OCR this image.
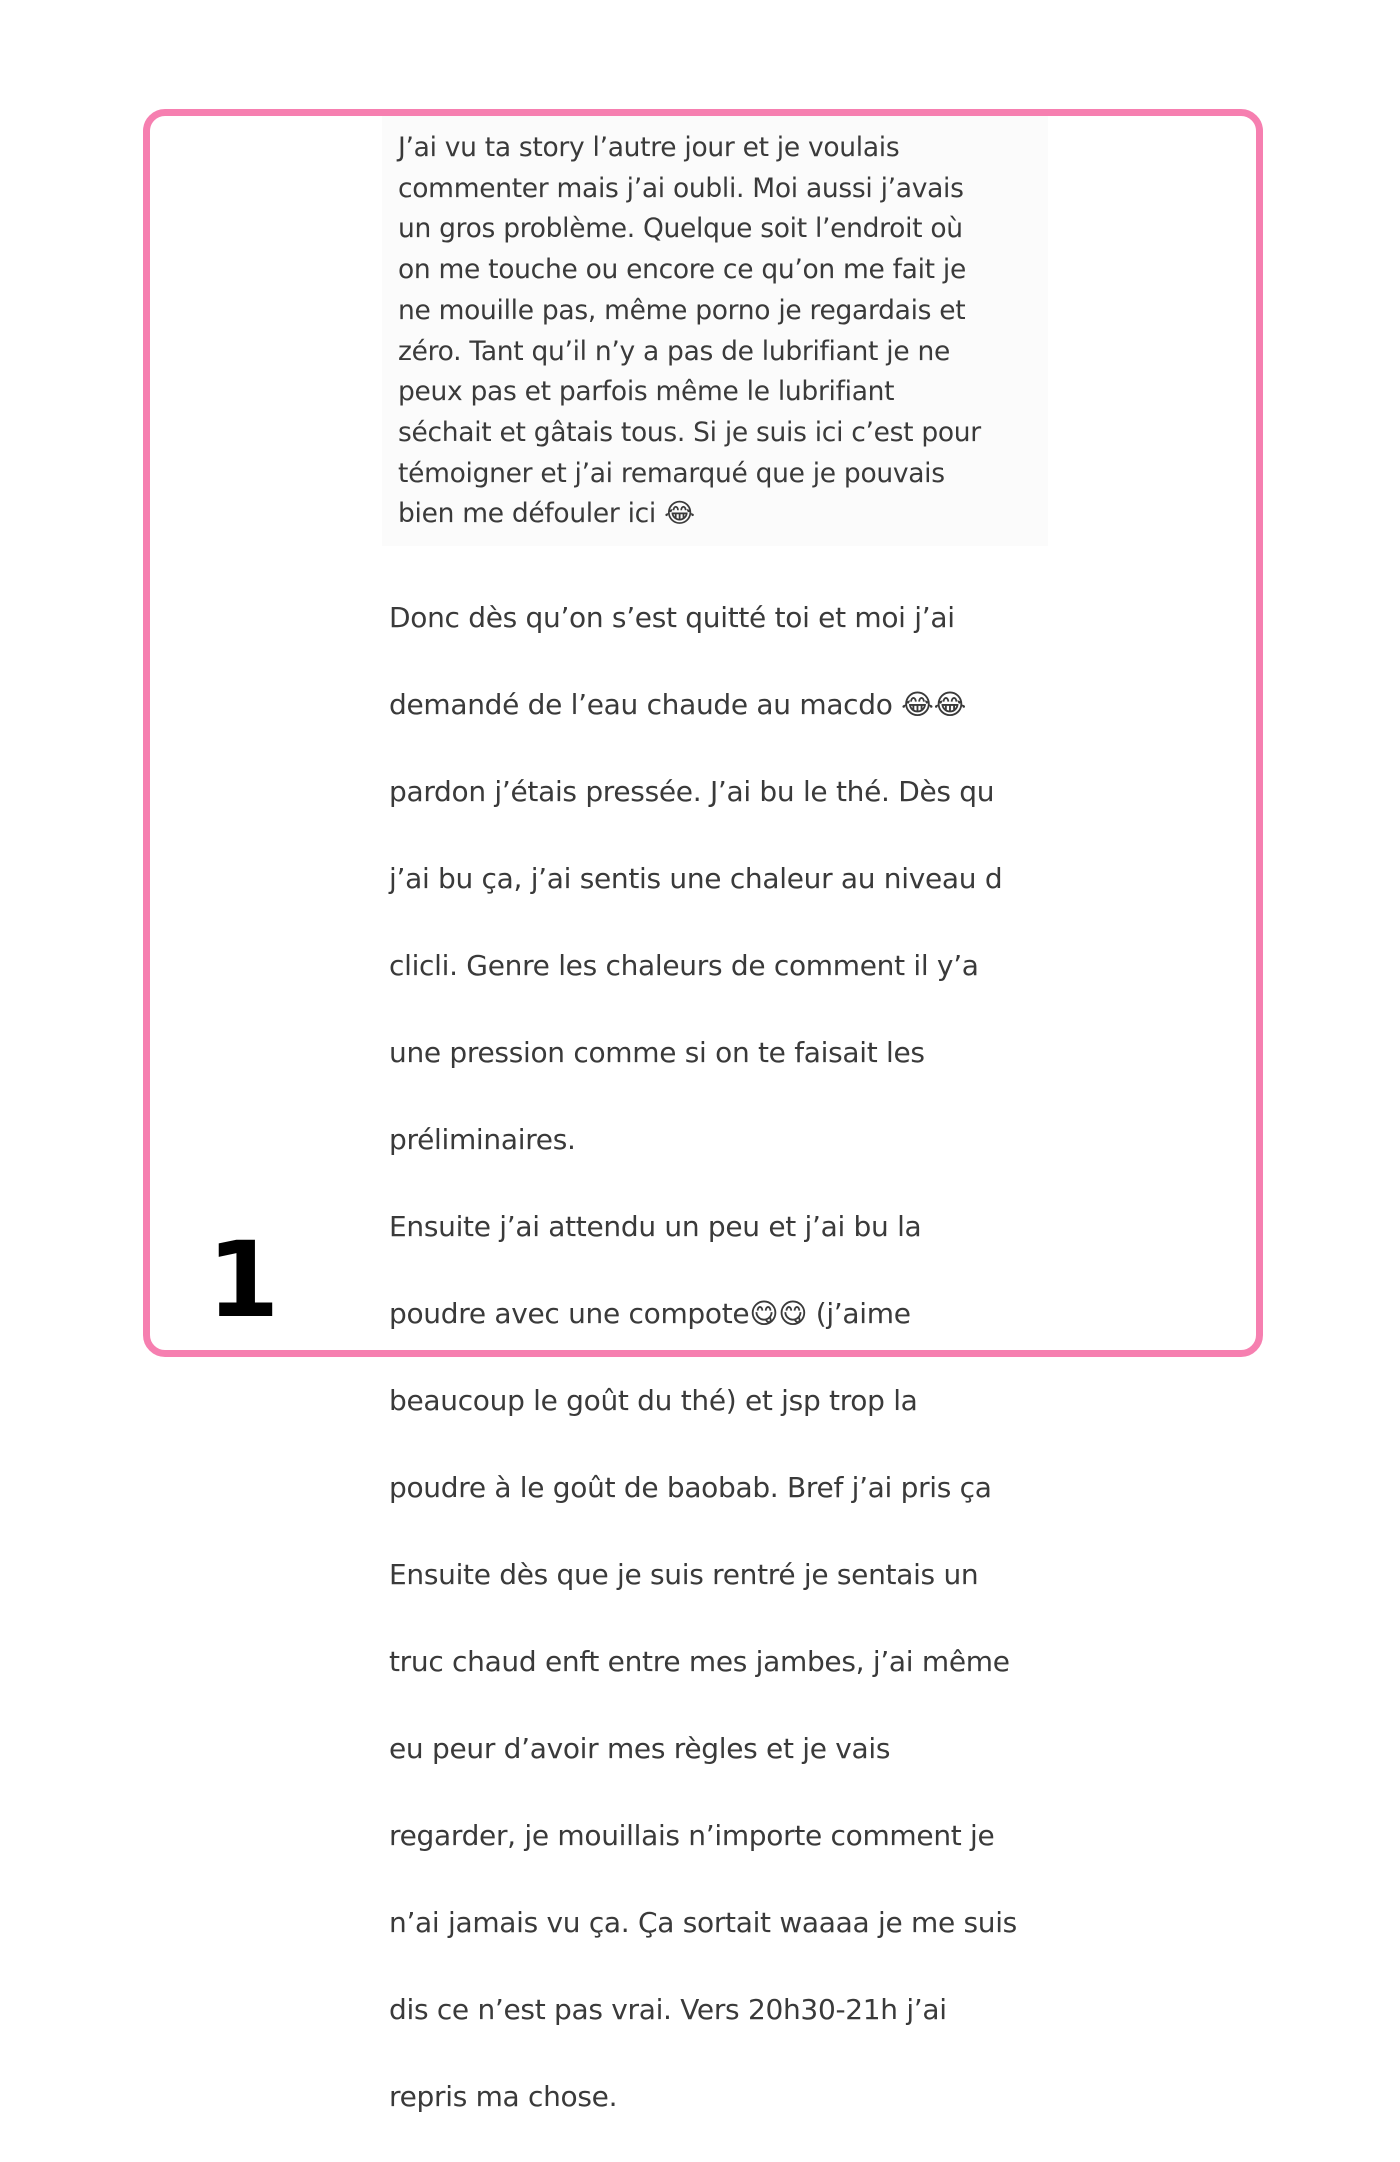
J’ai vu ta story l’autre jour et je voulais
commenter mais j’ai oubli. Moi aussi j’avais
un gros problème. Quelque soit l’endroit où
on me touche ou encore ce qu’on me fait je
ne mouille pas, même porno je regardais et
zéro. Tant qu’il n’y a pas de lubrifiant je ne
peux pas et parfois même le lubrifiant
séchait et gâtais tous. Si je suis ici c’est pour
témoigner et j’ai remarqué que je pouvais
bien me défouler ici 😂

Donc dès qu’on s’est quitté toi et moi j’ai

demandé de l’eau chaude au macdo 😂😂

pardon j’étais pressée. J’ai bu le thé. Dès qu

j’ai bu ça, j’ai sentis une chaleur au niveau d

clicli. Genre les chaleurs de comment il y’a

une pression comme si on te faisait les

préliminaires.

Ensuite j’ai attendu un peu et j’ai bu la

poudre avec une compote😋😋 (j’aime

beaucoup le goût du thé) et jsp trop la

poudre à le goût de baobab. Bref j’ai pris ça

Ensuite dès que je suis rentré je sentais un

truc chaud enft entre mes jambes, j’ai même

eu peur d’avoir mes règles et je vais

regarder, je mouillais n’importe comment je

n’ai jamais vu ça. Ça sortait waaaa je me suis

dis ce n’est pas vrai. Vers 20h30-21h j’ai

repris ma chose.

1
